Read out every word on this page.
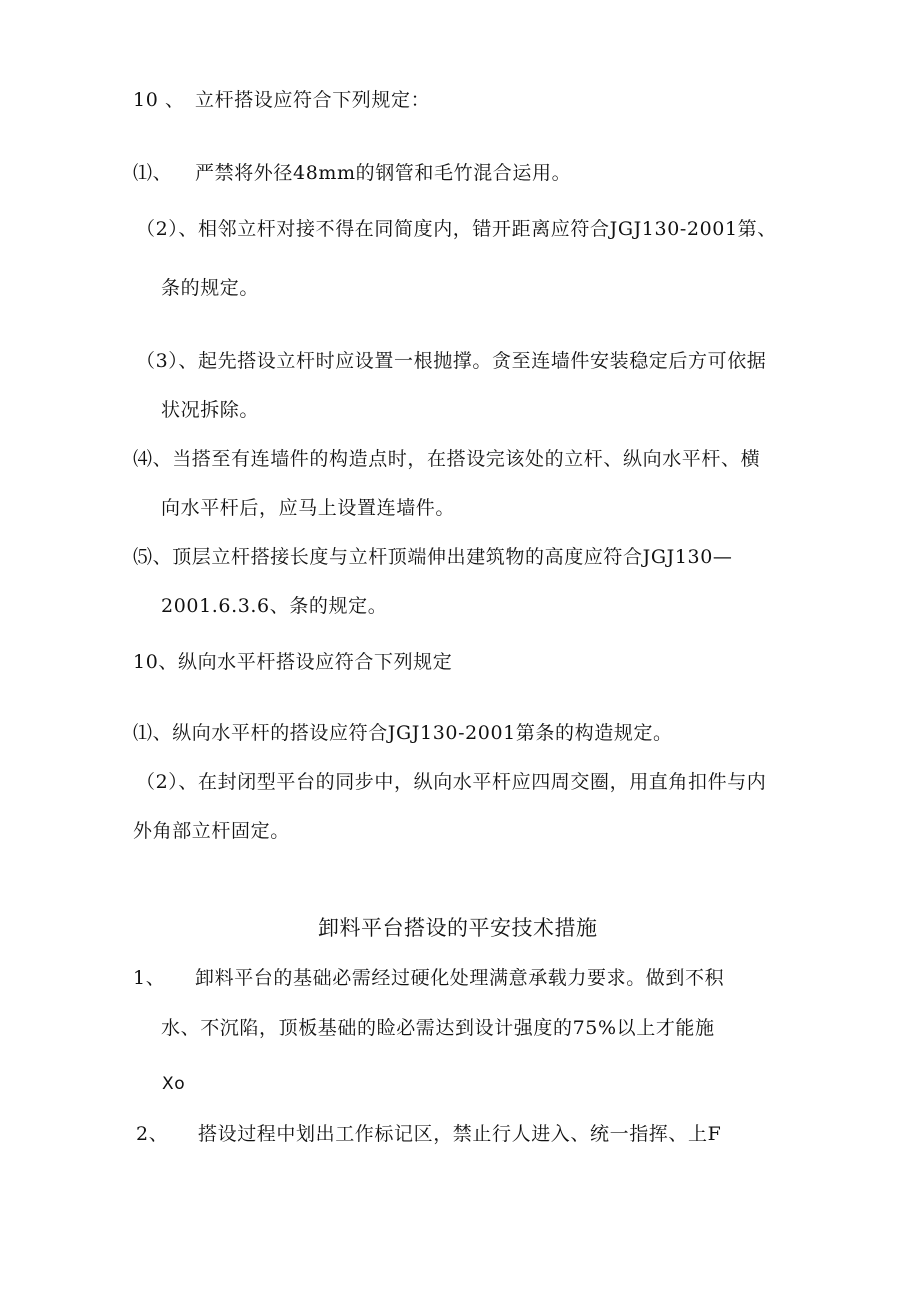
10 、 立杆搭设应符合下列规定：
⑴、 严禁将外径48mm的钢管和毛竹混合运用。
（2）、相邻立杆对接不得在同简度内，错开距离应符合JGJ130-2001第、
条的规定。
（3）、起先搭设立杆时应设置一根抛撑。贪至连墙件安装稳定后方可依据
状况拆除。
⑷、当搭至有连墙件的构造点时，在搭设完该处的立杆、纵向水平杆、横
向水平杆后，应马上设置连墙件。
⑸、顶层立杆搭接长度与立杆顶端伸出建筑物的高度应符合JGJ130—
2001.6.3.6、条的规定。
10、纵向水平杆搭设应符合下列规定
⑴、纵向水平杆的搭设应符合JGJ130-2001第条的构造规定。
（2）、在封闭型平台的同步中，纵向水平杆应四周交圈，用直角扣件与内
外角部立杆固定。
卸料平台搭设的平安技术措施
1、 卸料平台的基础必需经过硬化处理满意承载力要求。做到不积
水、不沉陷，顶板基础的睑必需达到设计强度的75%以上才能施
Xo
2、 搭设过程中划出工作标记区，禁止行人进入、统一指挥、上F
